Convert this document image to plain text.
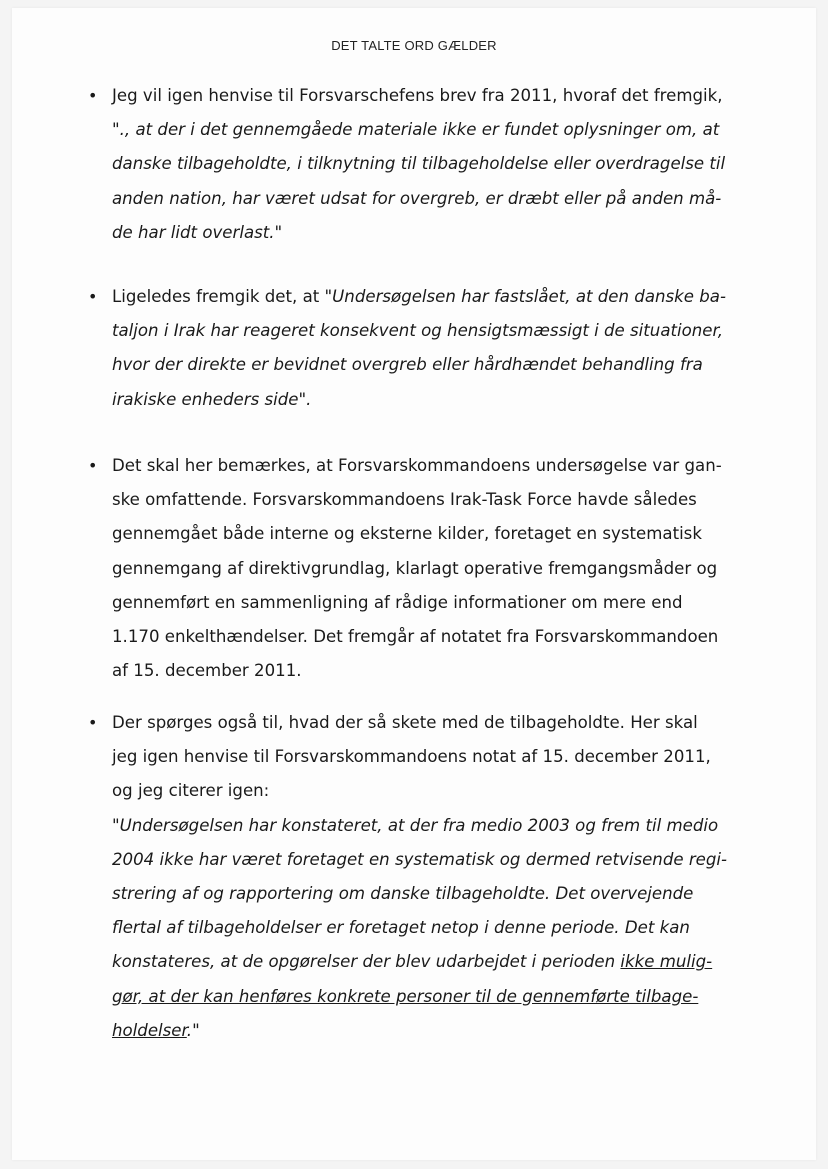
DET TALTE ORD GÆLDER
• Jeg vil igen henvise til Forsvarschefens brev fra 2011, hvoraf det fremgik,
"., at der i det gennemgåede materiale ikke er fundet oplysninger om, at
danske tilbageholdte, i tilknytning til tilbageholdelse eller overdragelse til
anden nation, har været udsat for overgreb, er dræbt eller på anden må-
de har lidt overlast."
• Ligeledes fremgik det, at "Undersøgelsen har fastslået, at den danske ba-
taljon i Irak har reageret konsekvent og hensigtsmæssigt i de situationer,
hvor der direkte er bevidnet overgreb eller hårdhændet behandling fra
irakiske enheders side".
• Det skal her bemærkes, at Forsvarskommandoens undersøgelse var gan-
ske omfattende. Forsvarskommandoens Irak-Task Force havde således
gennemgået både interne og eksterne kilder, foretaget en systematisk
gennemgang af direktivgrundlag, klarlagt operative fremgangsmåder og
gennemført en sammenligning af rådige informationer om mere end
1.170 enkelthændelser. Det fremgår af notatet fra Forsvarskommandoen
af 15. december 2011.
• Der spørges også til, hvad der så skete med de tilbageholdte. Her skal
jeg igen henvise til Forsvarskommandoens notat af 15. december 2011,
og jeg citerer igen:
"Undersøgelsen har konstateret, at der fra medio 2003 og frem til medio
2004 ikke har været foretaget en systematisk og dermed retvisende regi-
strering af og rapportering om danske tilbageholdte. Det overvejende
flertal af tilbageholdelser er foretaget netop i denne periode. Det kan
konstateres, at de opgørelser der blev udarbejdet i perioden ikke mulig-
gør, at der kan henføres konkrete personer til de gennemførte tilbage-
holdelser."
